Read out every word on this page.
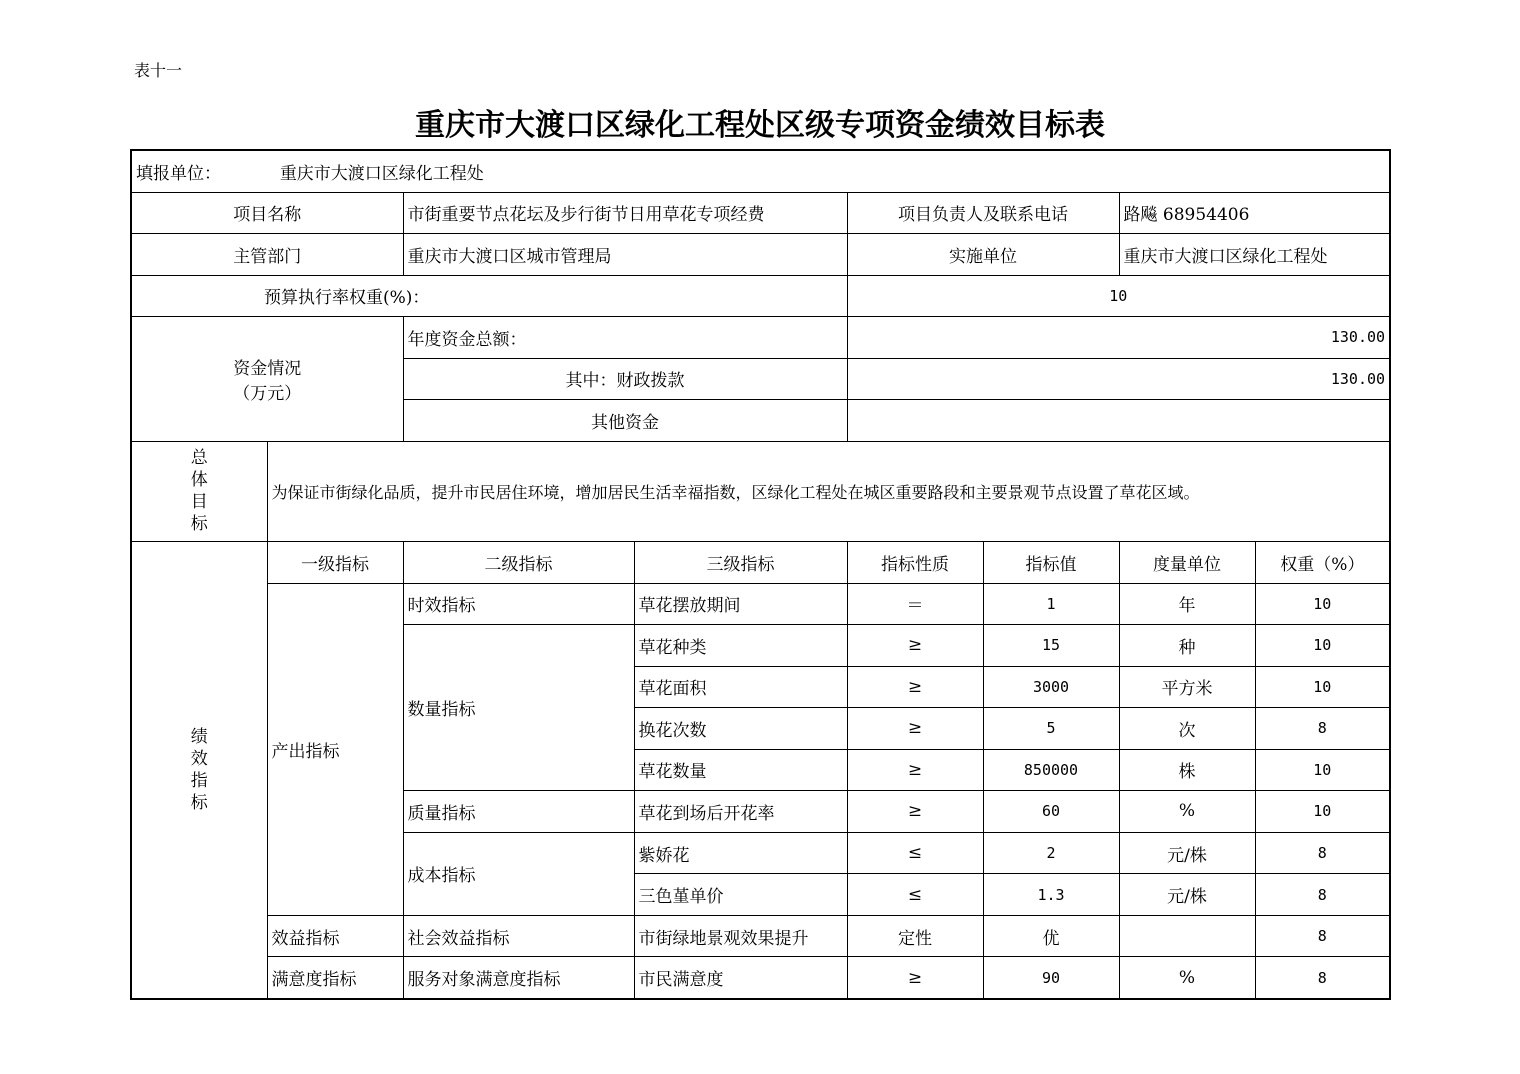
表十一
重庆市大渡口区绿化工程处区级专项资金绩效目标表
填报单位： 重庆市大渡口区绿化工程处							
项目名称		市街重要节点花坛及步行街节日用草花专项经费		项目负责人及联系电话		路飚 68954406	
主管部门		重庆市大渡口区城市管理局		实施单位		重庆市大渡口区绿化工程处	
预算执行率权重(%)：				10			

资金情况
（万元）		年度资金总额：		130.00			
		其中：财政拨款		130.00			
		其他资金					

总
体
目
标	为保证市街绿化品质，提升市民居住环境，增加居民生活幸福指数，区绿化工程处在城区重要路段和主要景观节点设置了草花区域。						

绩
效
指
标	一级指标	二级指标	三级指标	指标性质	指标值	度量单位	权重（%）
	产出指标	时效指标	草花摆放期间	＝	1	年	10
		数量指标	草花种类	≥	15	种	10
			草花面积	≥	3000	平方米	10
			换花次数	≥	5	次	8
			草花数量	≥	850000	株	10
		质量指标	草花到场后开花率	≥	60	%	10
		成本指标	紫娇花	≤	2	元/株	8
			三色堇单价	≤	1.3	元/株	8
	效益指标	社会效益指标	市街绿地景观效果提升	定性	优		8
	满意度指标	服务对象满意度指标	市民满意度	≥	90	%	8
